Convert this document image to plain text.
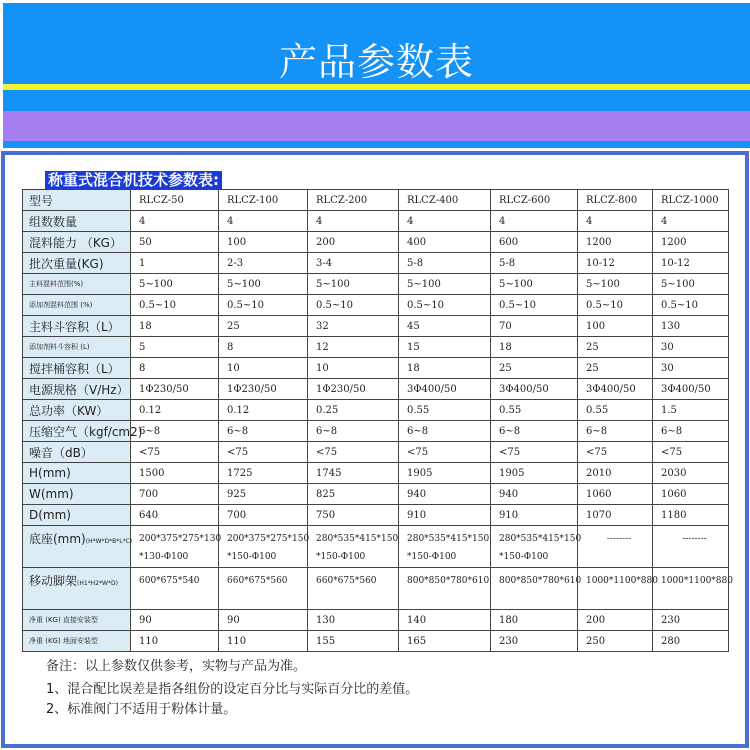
产品参数表
称重式混合机技术参数表:
型号	RLCZ-50	RLCZ-100	RLCZ-200	RLCZ-400	RLCZ-600	RLCZ-800	RLCZ-1000
组数数量	4	4	4	4	4	4	4
混料能力 （KG）	50	100	200	400	600	1200	1200
批次重量(KG)	1	2-3	3-4	5-8	5-8	10-12	10-12
主料混料范围(%)	5~100	5~100	5~100	5~100	5~100	5~100	5~100
添加剂混料范围 (%)	0.5~10	0.5~10	0.5~10	0.5~10	0.5~10	0.5~10	0.5~10
主料斗容积（L）	18	25	32	45	70	100	130
添加剂料斗容积 (L)	5	8	12	15	18	25	30
搅拌桶容积（L）	8	10	10	18	25	25	30
电源规格（V/Hz）	1Φ230/50	1Φ230/50	1Φ230/50	3Φ400/50	3Φ400/50	3Φ400/50	3Φ400/50
总功率（KW）	0.12	0.12	0.25	0.55	0.55	0.55	1.5
压缩空气（kgf/cm2)	6~8	6~8	6~8	6~8	6~8	6~8	6~8
噪音（dB）	<75	<75	<75	<75	<75	<75	<75
H(mm)	1500	1725	1745	1905	1905	2010	2030
W(mm)	700	925	825	940	940	1060	1060
D(mm)	640	700	750	910	910	1070	1180
底座(mm)(H*W*D*B*L*C)	200*375*275*130 *130-Φ100	200*375*275*150 *150-Φ100	280*535*415*150 *150-Φ100	280*535*415*150 *150-Φ100	280*535*415*150 *150-Φ100	--------	--------
移动脚架(H1*H2*W*D)	600*675*540	660*675*560	660*675*560	800*850*780*610	800*850*780*610	1000*1100*880	1000*1100*880
净重 (KG) 直接安装型	90	90	130	140	180	200	230
净重 (KG) 地面安装型	110	110	155	165	230	250	280
备注：以上参数仅供参考，实物与产品为准。
1、混合配比误差是指各组份的设定百分比与实际百分比的差值。
2、标准阀门不适用于粉体计量。
